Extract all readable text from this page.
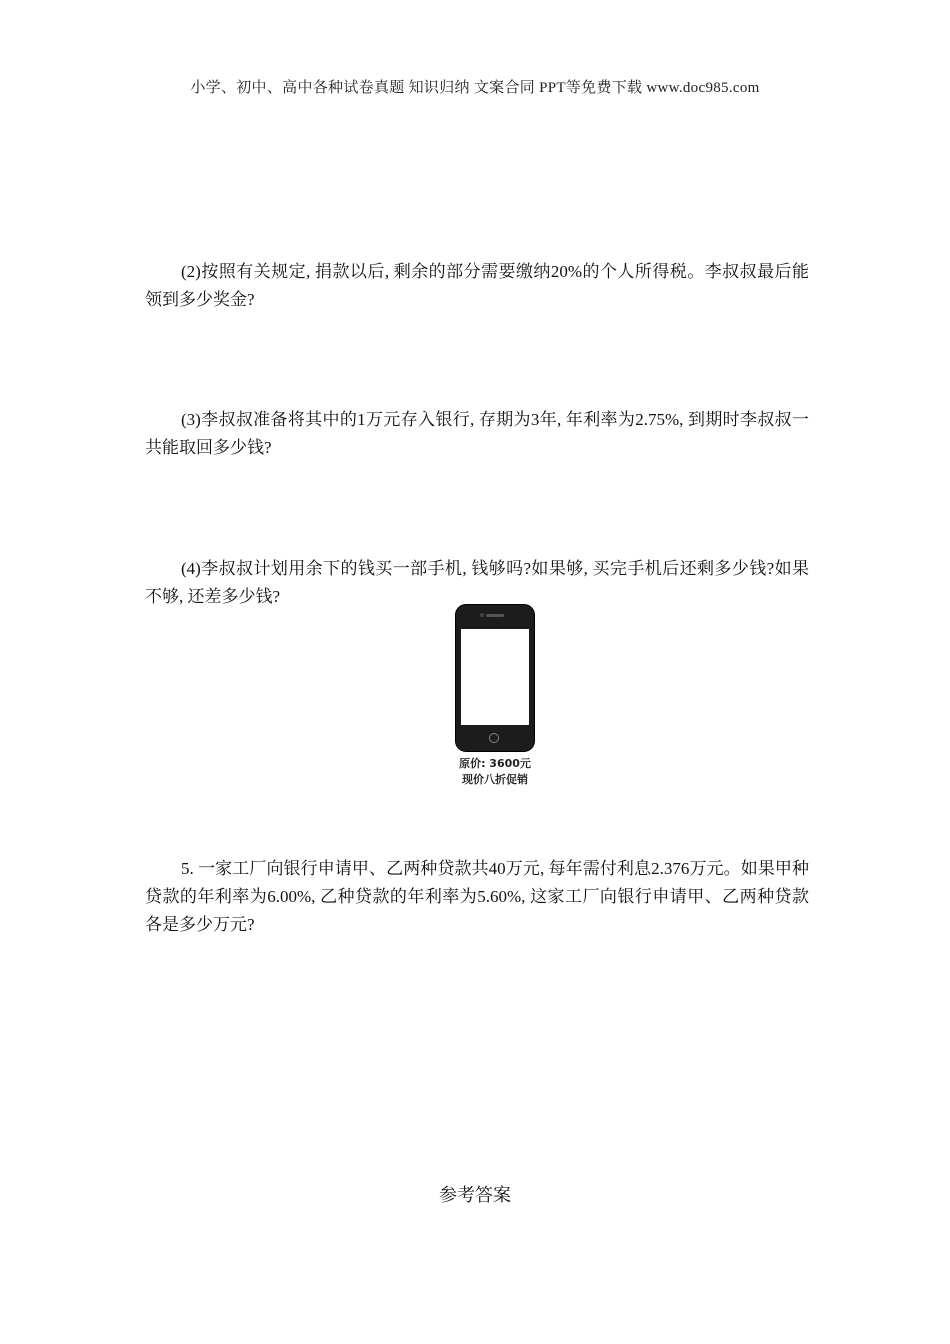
小学、初中、高中各种试卷真题 知识归纳 文案合同 PPT等免费下载 www.doc985.com

(2)按照有关规定, 捐款以后, 剩余的部分需要缴纳20%的个人所得税。李叔叔最后能领到多少奖金?

(3)李叔叔准备将其中的1万元存入银行, 存期为3年, 年利率为2.75%, 到期时李叔叔一共能取回多少钱?

(4)李叔叔计划用余下的钱买一部手机, 钱够吗?如果够, 买完手机后还剩多少钱?如果不够, 还差多少钱?

原价: 3600元
现价八折促销

5. 一家工厂向银行申请甲、乙两种贷款共40万元, 每年需付利息2.376万元。如果甲种贷款的年利率为6.00%, 乙种贷款的年利率为5.60%, 这家工厂向银行申请甲、乙两种贷款各是多少万元?

参考答案
